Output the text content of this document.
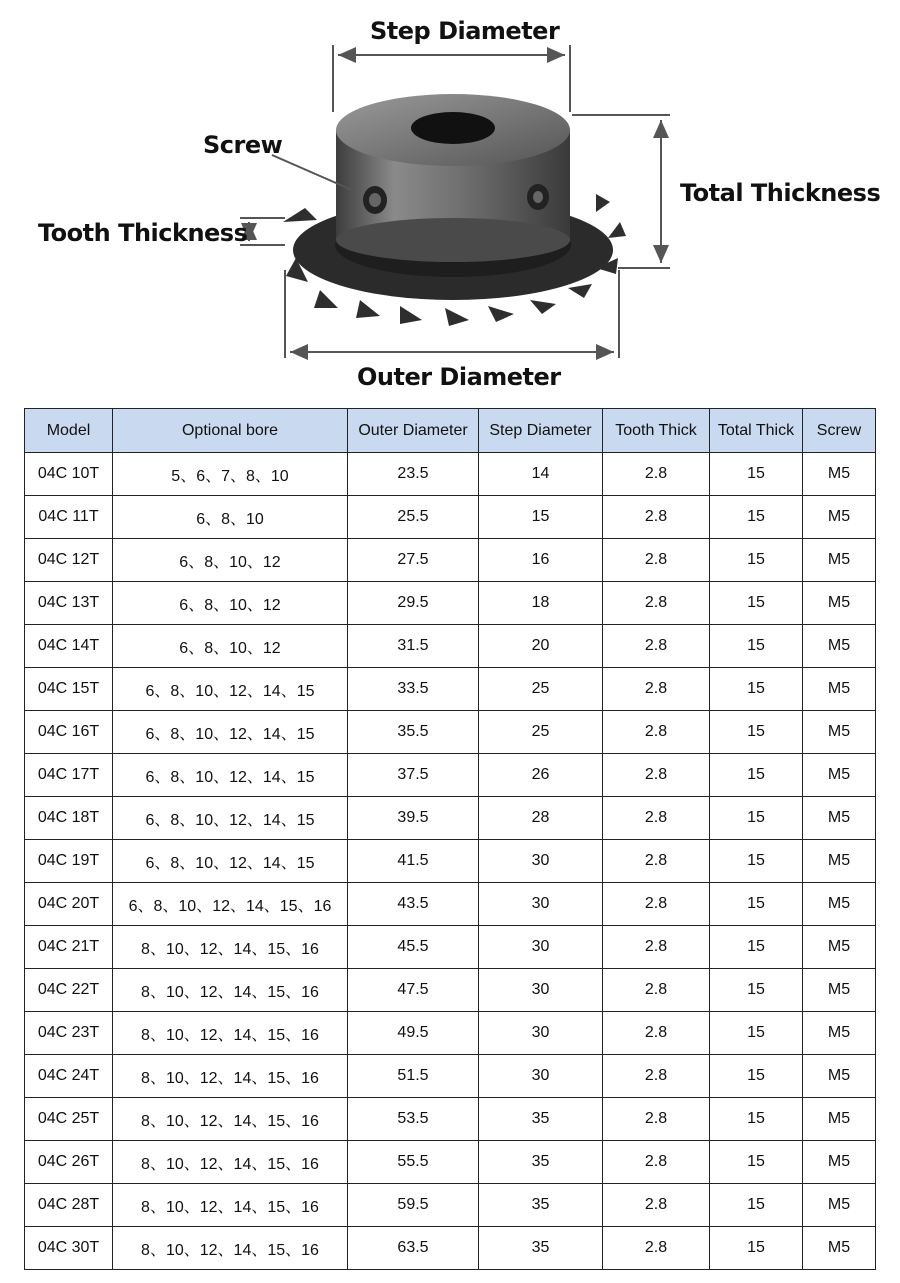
Step Diameter
Screw
Tooth Thickness
Total Thickness
Outer Diameter
Model	Optional bore	Outer Diameter	Step Diameter	Tooth Thick	Total Thick	Screw
04C 10T	5、6、7、8、10	23.5	14	2.8	15	M5
04C 11T	6、8、10	25.5	15	2.8	15	M5
04C 12T	6、8、10、12	27.5	16	2.8	15	M5
04C 13T	6、8、10、12	29.5	18	2.8	15	M5
04C 14T	6、8、10、12	31.5	20	2.8	15	M5
04C 15T	6、8、10、12、14、15	33.5	25	2.8	15	M5
04C 16T	6、8、10、12、14、15	35.5	25	2.8	15	M5
04C 17T	6、8、10、12、14、15	37.5	26	2.8	15	M5
04C 18T	6、8、10、12、14、15	39.5	28	2.8	15	M5
04C 19T	6、8、10、12、14、15	41.5	30	2.8	15	M5
04C 20T	6、8、10、12、14、15、16	43.5	30	2.8	15	M5
04C 21T	8、10、12、14、15、16	45.5	30	2.8	15	M5
04C 22T	8、10、12、14、15、16	47.5	30	2.8	15	M5
04C 23T	8、10、12、14、15、16	49.5	30	2.8	15	M5
04C 24T	8、10、12、14、15、16	51.5	30	2.8	15	M5
04C 25T	8、10、12、14、15、16	53.5	35	2.8	15	M5
04C 26T	8、10、12、14、15、16	55.5	35	2.8	15	M5
04C 28T	8、10、12、14、15、16	59.5	35	2.8	15	M5
04C 30T	8、10、12、14、15、16	63.5	35	2.8	15	M5
